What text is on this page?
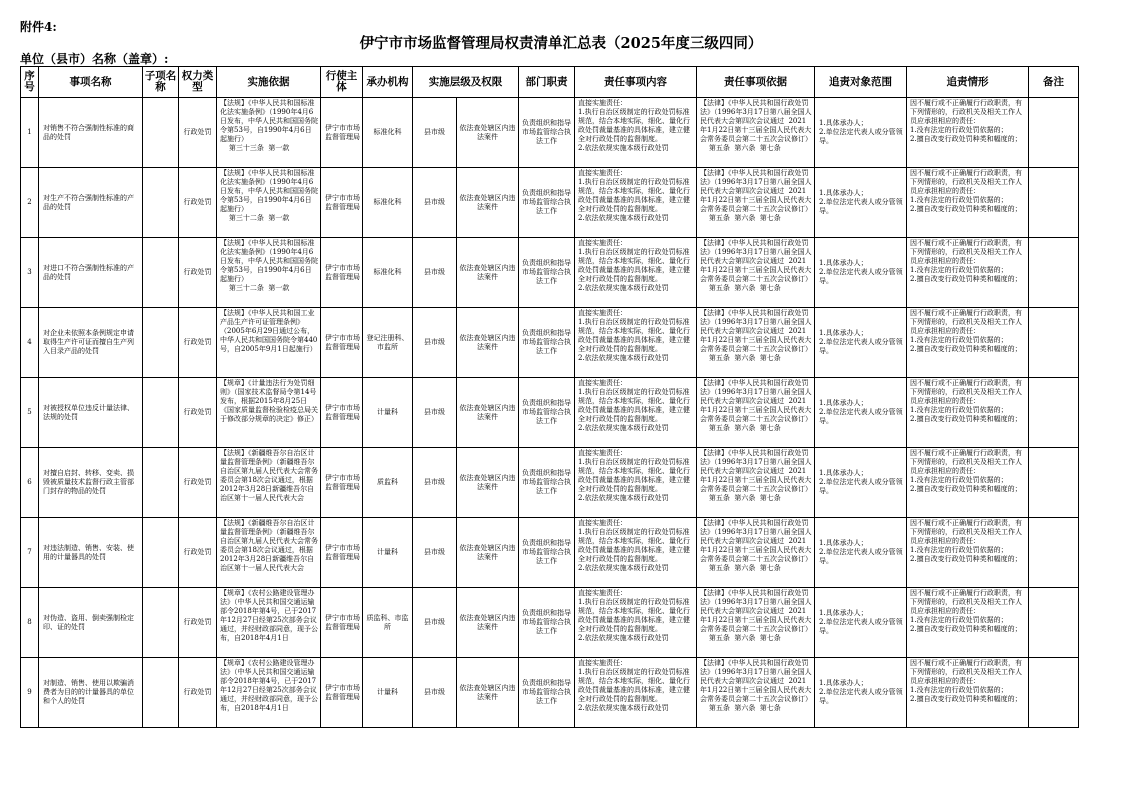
附件4:
伊宁市市场监督管理局权责清单汇总表（2025年度三级四同）
单位（县市）名称（盖章）:
序号	事项名称	子项名称	权力类型	实施依据	行使主体	承办机构	实施层级及权限		部门职责	责任事项内容	责任事项依据	追责对象范围	追责情形	备注

1	对销售不符合强制性标准的商品的处罚		行政处罚	【法规】《中华人民共和国标准化法实施条例》（1990年4月6日发布，中华人民共和国国务院令第53号，自1990年4月6日起施行）
第三十三条  第一款	伊宁市市场监督管理局	标准化科	县市级	依法查处辖区内违法案件	负责组织和指导市场监管综合执法工作	直接实施责任：
1.执行自治区级制定的行政处罚标准规范，结合本地实际，细化、量化行政处罚裁量基准的具体标准，建立健全对行政处罚的监督制度。
2.依法依规实施本级行政处罚	【法律】《中华人民共和国行政处罚法》（1996年3月17日第八届全国人民代表大会第四次会议通过  2021年1月22日第十三届全国人民代表大会常务委员会第二十五次会议修订）
第五条  第六条  第七条	1.具体承办人；
2.单位法定代表人或分管领导。	因不履行或不正确履行行政职责，有下列情形的，行政机关及相关工作人员应承担相应的责任：
1.没有法定的行政处罚依据的；
2.擅自改变行政处罚种类和幅度的；	

2	对生产不符合强制性标准的产品的处罚		行政处罚	【法规】《中华人民共和国标准化法实施条例》（1990年4月6日发布，中华人民共和国国务院令第53号，自1990年4月6日起施行）
第三十二条  第一款	伊宁市市场监督管理局	标准化科	县市级	依法查处辖区内违法案件	负责组织和指导市场监管综合执法工作	直接实施责任：
1.执行自治区级制定的行政处罚标准规范，结合本地实际，细化、量化行政处罚裁量基准的具体标准，建立健全对行政处罚的监督制度。
2.依法依规实施本级行政处罚	【法律】《中华人民共和国行政处罚法》（1996年3月17日第八届全国人民代表大会第四次会议通过  2021年1月22日第十三届全国人民代表大会常务委员会第二十五次会议修订）
第五条  第六条  第七条	1.具体承办人；
2.单位法定代表人或分管领导。	因不履行或不正确履行行政职责，有下列情形的，行政机关及相关工作人员应承担相应的责任：
1.没有法定的行政处罚依据的；
2.擅自改变行政处罚种类和幅度的；	

3	对进口不符合强制性标准的产品的处罚		行政处罚	【法规】《中华人民共和国标准化法实施条例》（1990年4月6日发布，中华人民共和国国务院令第53号，自1990年4月6日起施行）
第三十二条  第一款	伊宁市市场监督管理局	标准化科	县市级	依法查处辖区内违法案件	负责组织和指导市场监管综合执法工作	直接实施责任：
1.执行自治区级制定的行政处罚标准规范，结合本地实际，细化、量化行政处罚裁量基准的具体标准，建立健全对行政处罚的监督制度。
2.依法依规实施本级行政处罚	【法律】《中华人民共和国行政处罚法》（1996年3月17日第八届全国人民代表大会第四次会议通过  2021年1月22日第十三届全国人民代表大会常务委员会第二十五次会议修订）
第五条  第六条  第七条	1.具体承办人；
2.单位法定代表人或分管领导。	因不履行或不正确履行行政职责，有下列情形的，行政机关及相关工作人员应承担相应的责任：
1.没有法定的行政处罚依据的；
2.擅自改变行政处罚种类和幅度的；	

4	对企业未依照本条例规定申请取得生产许可证而擅自生产列入目录产品的处罚		行政处罚	【法规】《中华人民共和国工业产品生产许可证管理条例》（2005年6月29日通过公布，中华人民共和国国务院令第440号，自2005年9月1日起施行）	伊宁市市场监督管理局	登记注册科、市监所	县市级	依法查处辖区内违法案件	负责组织和指导市场监管综合执法工作	直接实施责任：
1.执行自治区级制定的行政处罚标准规范，结合本地实际，细化、量化行政处罚裁量基准的具体标准，建立健全对行政处罚的监督制度。
2.依法依规实施本级行政处罚	【法律】《中华人民共和国行政处罚法》（1996年3月17日第八届全国人民代表大会第四次会议通过  2021年1月22日第十三届全国人民代表大会常务委员会第二十五次会议修订）
第五条  第六条  第七条	1.具体承办人；
2.单位法定代表人或分管领导。	因不履行或不正确履行行政职责，有下列情形的，行政机关及相关工作人员应承担相应的责任：
1.没有法定的行政处罚依据的；
2.擅自改变行政处罚种类和幅度的；	

5	对被授权单位违反计量法律、法规的处罚		行政处罚	【规章】《计量违法行为处罚细则》（国家技术监督局令第14号发布，根据2015年8月25日《国家质量监督检验检疫总局关于修改部分规章的决定》修正）	伊宁市市场监督管理局	计量科	县市级	依法查处辖区内违法案件	负责组织和指导市场监管综合执法工作	直接实施责任：
1.执行自治区级制定的行政处罚标准规范，结合本地实际，细化、量化行政处罚裁量基准的具体标准，建立健全对行政处罚的监督制度。
2.依法依规实施本级行政处罚	【法律】《中华人民共和国行政处罚法》（1996年3月17日第八届全国人民代表大会第四次会议通过  2021年1月22日第十三届全国人民代表大会常务委员会第二十五次会议修订）
第五条  第六条  第七条	1.具体承办人；
2.单位法定代表人或分管领导。	因不履行或不正确履行行政职责，有下列情形的，行政机关及相关工作人员应承担相应的责任：
1.没有法定的行政处罚依据的；
2.擅自改变行政处罚种类和幅度的；	

6	对擅自启封、转移、变卖、损毁被质量技术监督行政主管部门封存的物品的处罚		行政处罚	【法规】《新疆维吾尔自治区计量监督管理条例》（新疆维吾尔自治区第九届人民代表大会常务委员会第18次会议通过，根据2012年3月28日新疆维吾尔自治区第十一届人民代表大会	伊宁市市场监督管理局	质监科	县市级	依法查处辖区内违法案件	负责组织和指导市场监管综合执法工作	直接实施责任：
1.执行自治区级制定的行政处罚标准规范，结合本地实际，细化、量化行政处罚裁量基准的具体标准，建立健全对行政处罚的监督制度。
2.依法依规实施本级行政处罚	【法律】《中华人民共和国行政处罚法》（1996年3月17日第八届全国人民代表大会第四次会议通过  2021年1月22日第十三届全国人民代表大会常务委员会第二十五次会议修订）
第五条  第六条  第七条	1.具体承办人；
2.单位法定代表人或分管领导。	因不履行或不正确履行行政职责，有下列情形的，行政机关及相关工作人员应承担相应的责任：
1.没有法定的行政处罚依据的；
2.擅自改变行政处罚种类和幅度的；	

7	对违法制造、销售、安装、使用的计量器具的处罚		行政处罚	【法规】《新疆维吾尔自治区计量监督管理条例》（新疆维吾尔自治区第九届人民代表大会常务委员会第18次会议通过，根据2012年3月28日新疆维吾尔自治区第十一届人民代表大会	伊宁市市场监督管理局	计量科	县市级	依法查处辖区内违法案件	负责组织和指导市场监管综合执法工作	直接实施责任：
1.执行自治区级制定的行政处罚标准规范，结合本地实际，细化、量化行政处罚裁量基准的具体标准，建立健全对行政处罚的监督制度。
2.依法依规实施本级行政处罚	【法律】《中华人民共和国行政处罚法》（1996年3月17日第八届全国人民代表大会第四次会议通过  2021年1月22日第十三届全国人民代表大会常务委员会第二十五次会议修订）
第五条  第六条  第七条	1.具体承办人；
2.单位法定代表人或分管领导。	因不履行或不正确履行行政职责，有下列情形的，行政机关及相关工作人员应承担相应的责任：
1.没有法定的行政处罚依据的；
2.擅自改变行政处罚种类和幅度的；	

8	对伪造、盗用、倒卖强制检定印、证的处罚		行政处罚	【规章】《农村公路建设管理办法》（中华人民共和国交通运输部令2018年第4号，已于2017年12月27日经第25次部务会议通过，并经财政部同意，现予公布，自2018年4月1日	伊宁市市场监督管理局	质监科、市监所	县市级	依法查处辖区内违法案件	负责组织和指导市场监管综合执法工作	直接实施责任：
1.执行自治区级制定的行政处罚标准规范，结合本地实际，细化、量化行政处罚裁量基准的具体标准，建立健全对行政处罚的监督制度。
2.依法依规实施本级行政处罚	【法律】《中华人民共和国行政处罚法》（1996年3月17日第八届全国人民代表大会第四次会议通过  2021年1月22日第十三届全国人民代表大会常务委员会第二十五次会议修订）
第五条  第六条  第七条	1.具体承办人；
2.单位法定代表人或分管领导。	因不履行或不正确履行行政职责，有下列情形的，行政机关及相关工作人员应承担相应的责任：
1.没有法定的行政处罚依据的；
2.擅自改变行政处罚种类和幅度的；	

9	对制造、销售、使用以欺骗消费者为目的的计量器具的单位和个人的处罚		行政处罚	【规章】《农村公路建设管理办法》（中华人民共和国交通运输部令2018年第4号，已于2017年12月27日经第25次部务会议通过，并经财政部同意，现予公布，自2018年4月1日	伊宁市市场监督管理局	计量科	县市级	依法查处辖区内违法案件	负责组织和指导市场监管综合执法工作	直接实施责任：
1.执行自治区级制定的行政处罚标准规范，结合本地实际，细化、量化行政处罚裁量基准的具体标准，建立健全对行政处罚的监督制度。
2.依法依规实施本级行政处罚	【法律】《中华人民共和国行政处罚法》（1996年3月17日第八届全国人民代表大会第四次会议通过  2021年1月22日第十三届全国人民代表大会常务委员会第二十五次会议修订）
第五条  第六条  第七条	1.具体承办人；
2.单位法定代表人或分管领导。	因不履行或不正确履行行政职责，有下列情形的，行政机关及相关工作人员应承担相应的责任：
1.没有法定的行政处罚依据的；
2.擅自改变行政处罚种类和幅度的；	
